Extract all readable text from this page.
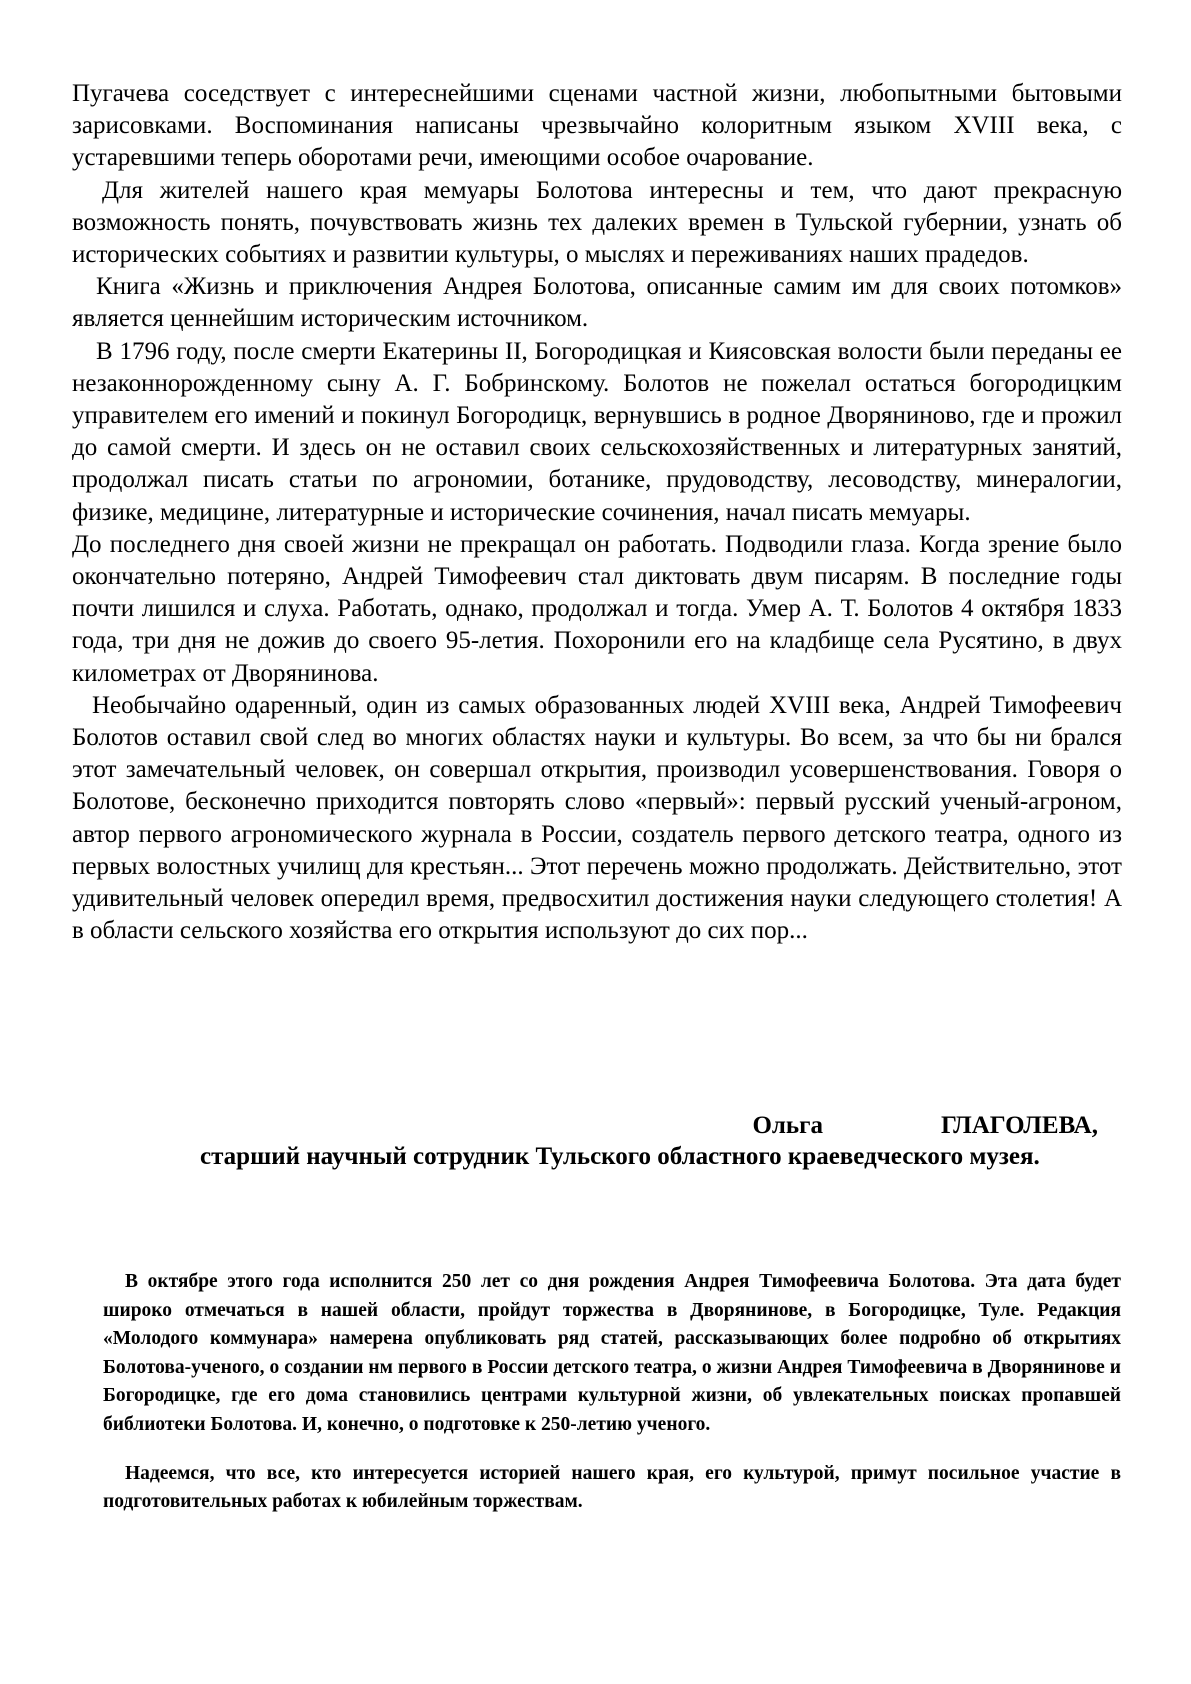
Пугачева соседствует с интереснейшими сценами частной жизни, любопытными бытовыми зарисовками. Воспоминания написаны чрезвычайно колоритным языком XVIII века, с устаревшими теперь оборотами речи, имеющими особое очарование.

Для жителей нашего края мемуары Болотова интересны и тем, что дают прекрасную возможность понять, почувствовать жизнь тех далеких времен в Тульской губернии, узнать об исторических событиях и развитии культуры, о мыслях и переживаниях наших прадедов.

Книга «Жизнь и приключения Андрея Болотова, описанные самим им для своих потомков» является ценнейшим историческим источником.

В 1796 году, после смерти Екатерины II, Богородицкая и Киясовская волости были переданы ее незаконнорожденному сыну А. Г. Бобринскому. Болотов не пожелал остаться богородицким управителем его имений и покинул Богородицк, вернувшись в родное Дворяниново, где и прожил до самой смерти. И здесь он не оставил своих сельскохозяйственных и литературных занятий, продолжал писать статьи по агрономии, ботанике, прудоводству, лесоводству, минералогии, физике, медицине, литературные и исторические сочинения, начал писать мемуары.

До последнего дня своей жизни не прекращал он работать. Подводили глаза. Когда зрение было окончательно потеряно, Андрей Тимофеевич стал диктовать двум писарям. В последние годы почти лишился и слуха. Работать, однако, продолжал и тогда. Умер А. Т. Болотов 4 октября 1833 года, три дня не дожив до своего 95-летия. Похоронили его на кладбище села Русятино, в двух километрах от Дворянинова.

Необычайно одаренный, один из самых образованных людей XVIII века, Андрей Тимофеевич Болотов оставил свой след во многих областях науки и культуры. Во всем, за что бы ни брался этот замечательный человек, он совершал открытия, производил усовершенствования. Говоря о Болотове, бесконечно приходится повторять слово «первый»: первый русский ученый-агроном, автор первого агрономического журнала в России, создатель первого детского театра, одного из первых волостных училищ для крестьян... Этот перечень можно продолжать. Действительно, этот удивительный человек опередил время, предвосхитил достижения науки следующего столетия! А в области сельского хозяйства его открытия используют до сих пор...

Ольга	ГЛАГОЛЕВА,
старший научный сотрудник Тульского областного краеведческого музея.

В октябре этого года исполнится 250 лет со дня рождения Андрея Тимофеевича Болотова. Эта дата будет широко отмечаться в нашей области, пройдут торжества в Дворянинове, в Богородицке, Туле. Редакция «Молодого коммунара» намерена опубликовать ряд статей, рассказывающих более подробно об открытиях Болотова-ученого, о создании нм первого в России детского театра, о жизни Андрея Тимофеевича в Дворянинове и Богородицке, где его дома становились центрами культурной жизни, об увлекательных поисках пропавшей библиотеки Болотова. И, конечно, о подготовке к 250-летию ученого.

Надеемся, что все, кто интересуется историей нашего края, его культурой, примут посильное участие в подготовительных работах к юбилейным торжествам.
